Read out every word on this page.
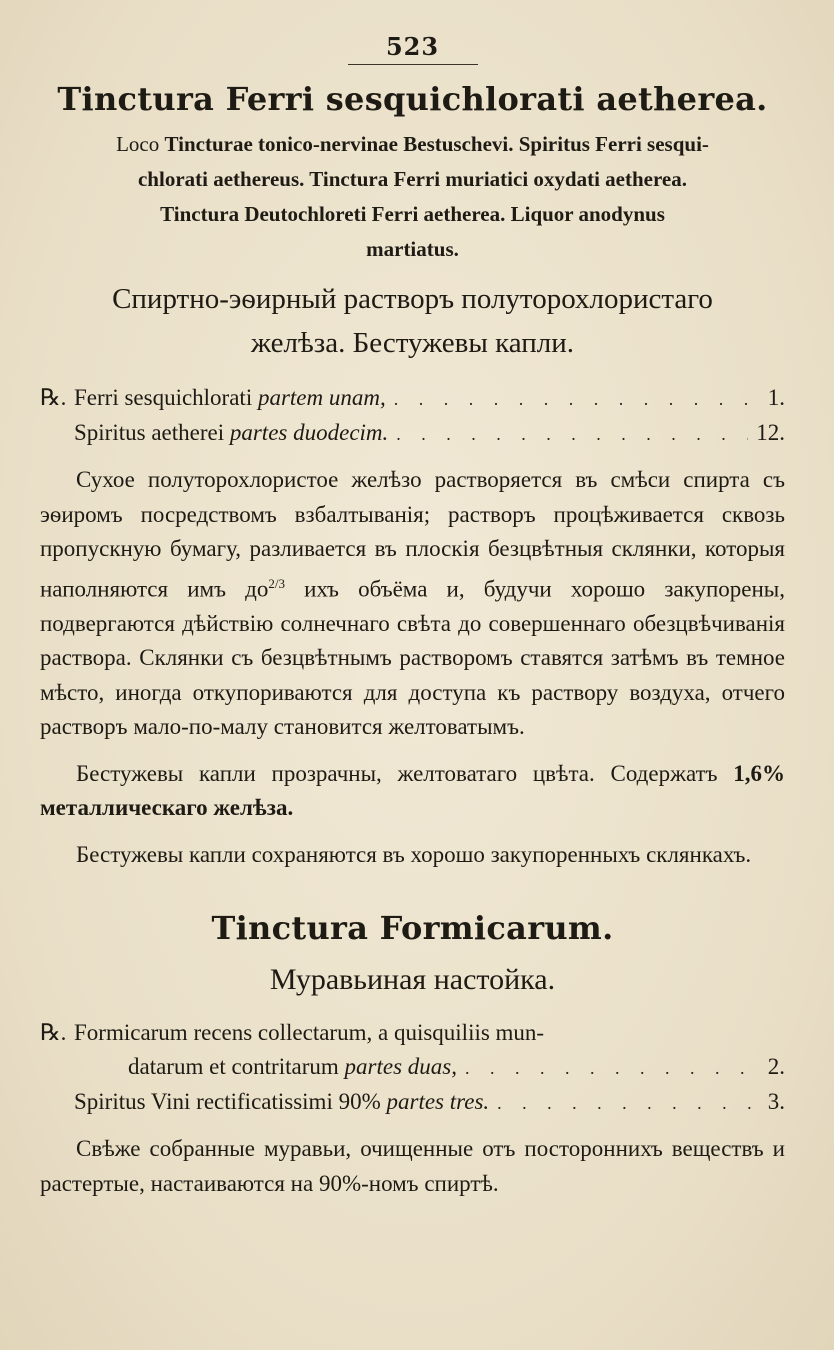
523
Tinctura Ferri sesquichlorati aetherea.
Loco Tincturae tonico-nervinae Bestuschevi. Spiritus Ferri sesqui-
chlorati aethereus. Tinctura Ferri muriatici oxydati aetherea.
Tinctura Deutochloreti Ferri aetherea. Liquor anodynus
martiatus.
Спиртно-эѳирный растворъ полуторохлористаго
желѣза. Бестужевы капли.
℞. Ferri sesquichlorati partem unam, . . .	1.
Spiritus aetherei partes duodecim. . . .	12.

Сухое полуторохлористое желѣзо растворяется въ смѣси спирта съ эѳиромъ посредствомъ взбалтыванія; растворъ процѣживается сквозь пропускную бумагу, разливается въ плоскія безцвѣтныя склянки, которыя наполняются имъ $до^{2/3}$ ихъ объёма и, будучи хорошо закупорены, подвергаются дѣйствію солнечнаго свѣта до совершеннаго обезцвѣчиванія раствора. Склянки съ безцвѣтнымъ растворомъ ставятся затѣмъ въ темное мѣсто, иногда откупориваются для доступа къ раствору воздуха, отчего растворъ мало-по-малу становится желтоватымъ.

Бестужевы капли прозрачны, желтоватаго цвѣта. Содержатъ 1,6% металлическаго желѣза.

Бестужевы капли сохраняются въ хорошо закупоренныхъ склянкахъ.

Tinctura Formicarum.
Муравьиная настойка.
℞. Formicarum recens collectarum, a quisquiliis mun-
datarum et contritarum partes duas, . . .	2.
Spiritus Vini rectificatissimi 90% partes tres. . . .	3.

Свѣже собранные муравьи, очищенные отъ постороннихъ веществъ и растертые, настаиваются на 90%-номъ спиртѣ.
